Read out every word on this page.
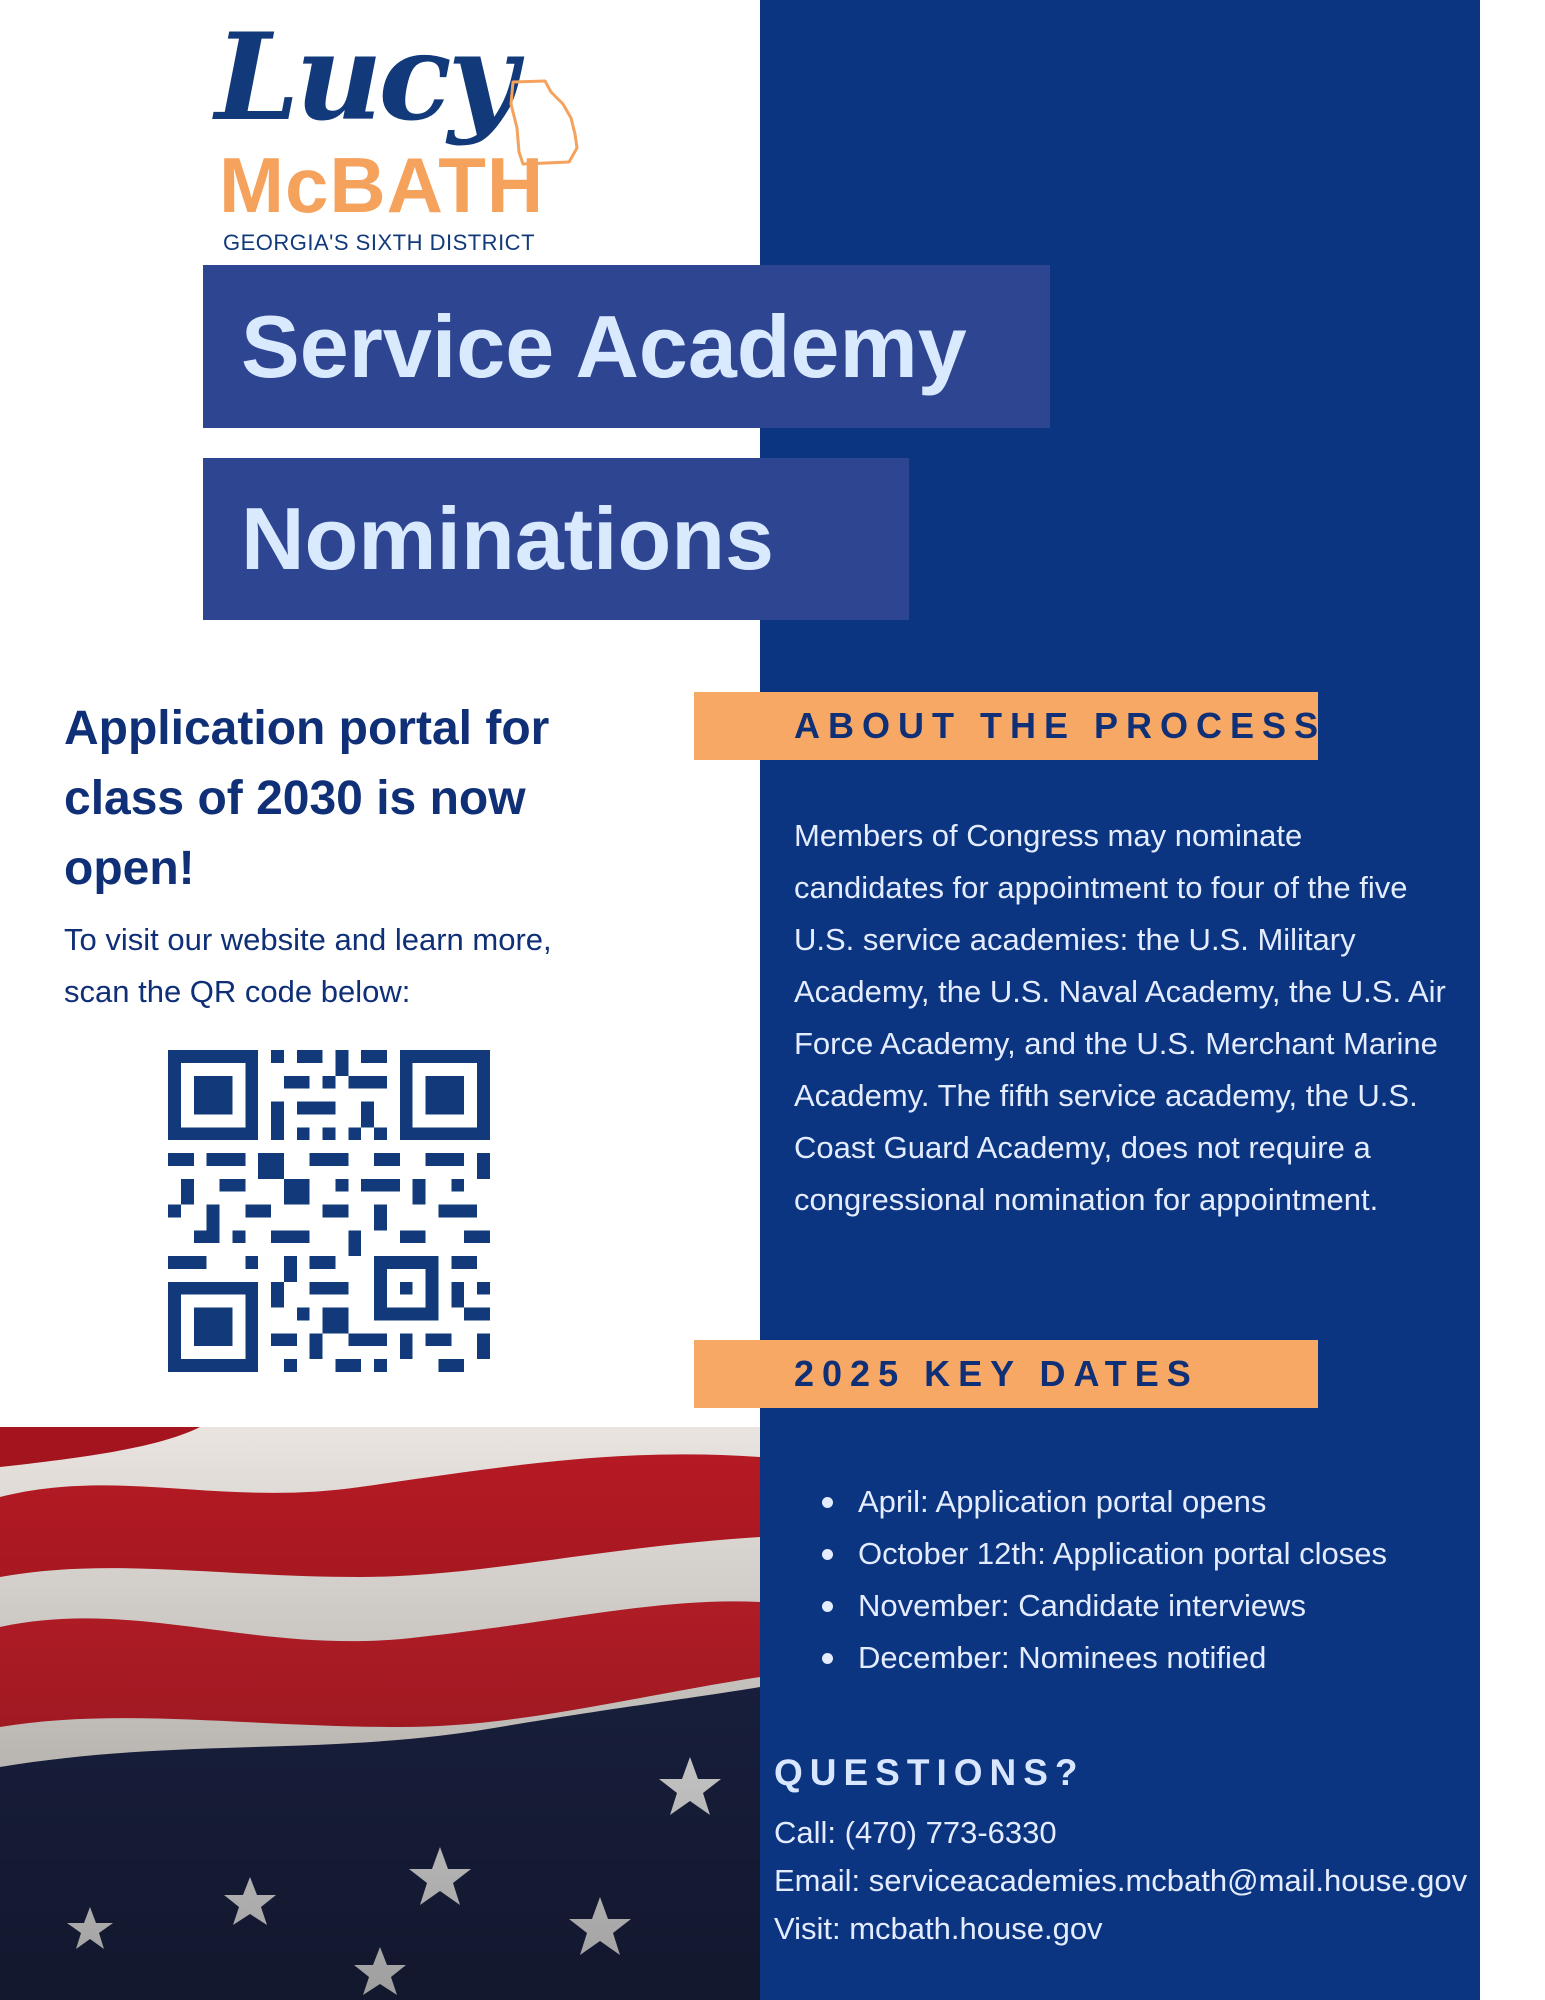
Lucy
McBATH
GEORGIA'S SIXTH DISTRICT
Service Academy
Nominations
Application portal for class of 2030 is now open!
To visit our website and learn more, scan the QR code below:
ABOUT THE PROCESS
Members of Congress may nominate candidates for appointment to four of the five U.S. service academies: the U.S. Military Academy, the U.S. Naval Academy, the U.S. Air Force Academy, and the U.S. Merchant Marine Academy. The fifth service academy, the U.S. Coast Guard Academy, does not require a congressional nomination for appointment.
2025 KEY DATES
April: Application portal opens
October 12th: Application portal closes
November: Candidate interviews
December: Nominees notified
QUESTIONS?
Call: (470) 773-6330
Email: serviceacademies.mcbath@mail.house.gov
Visit: mcbath.house.gov
